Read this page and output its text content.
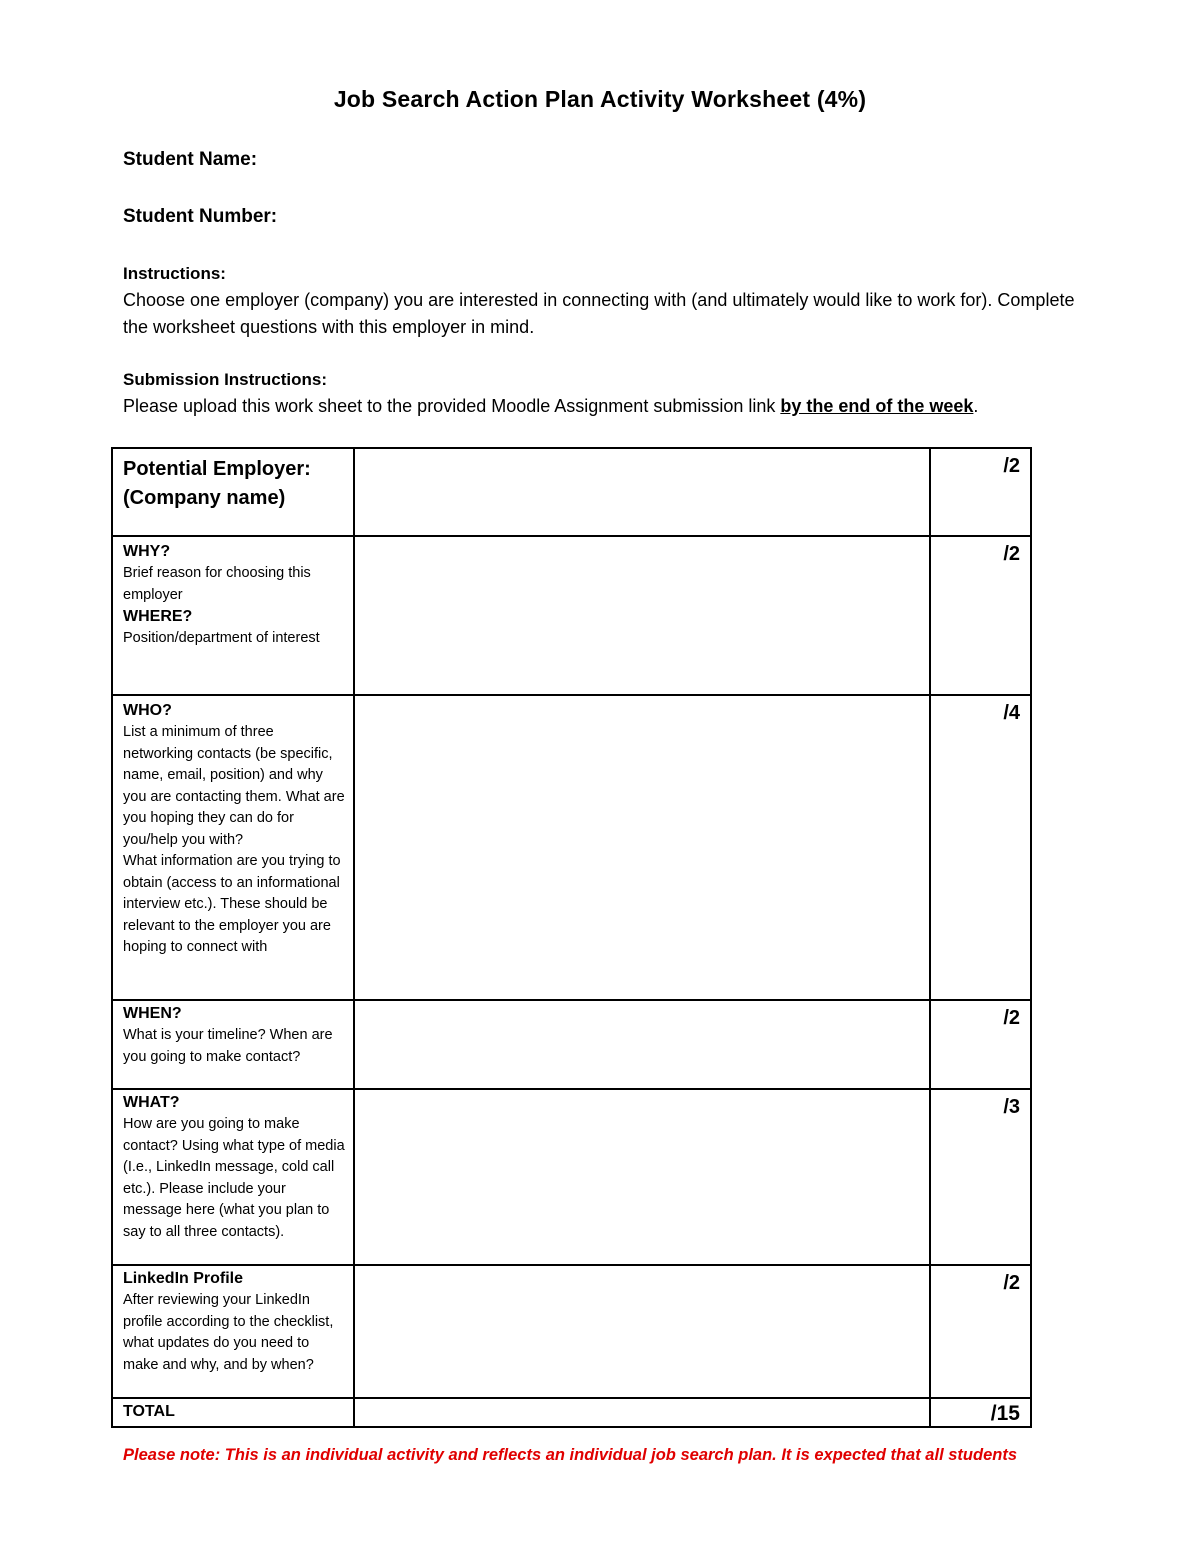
Job Search Action Plan Activity Worksheet (4%)
Student Name:
Student Number:
Instructions:
Choose one employer (company) you are interested in connecting with (and ultimately would like to work for). Complete the worksheet questions with this employer in mind.
Submission Instructions:
Please upload this work sheet to the provided Moodle Assignment submission link by the end of the week.
Potential Employer: (Company name)		/2

WHY?
Brief reason for choosing this employer
WHERE?
Position/department of interest		/2

WHO?
List a minimum of three networking contacts (be specific, name, email, position) and why you are contacting them. What are you hoping they can do for you/help you with?
What information are you trying to obtain (access to an informational interview etc.). These should be relevant to the employer you are hoping to connect with		/4

WHEN?
What is your timeline? When are you going to make contact?		/2

WHAT?
How are you going to make contact? Using what type of media (I.e., LinkedIn message, cold call etc.). Please include your message here (what you plan to say to all three contacts).		/3

LinkedIn Profile
After reviewing your LinkedIn profile according to the checklist, what updates do you need to make and why, and by when?		/2

TOTAL		/15
Please note: This is an individual activity and reflects an individual job search plan. It is expected that all students
